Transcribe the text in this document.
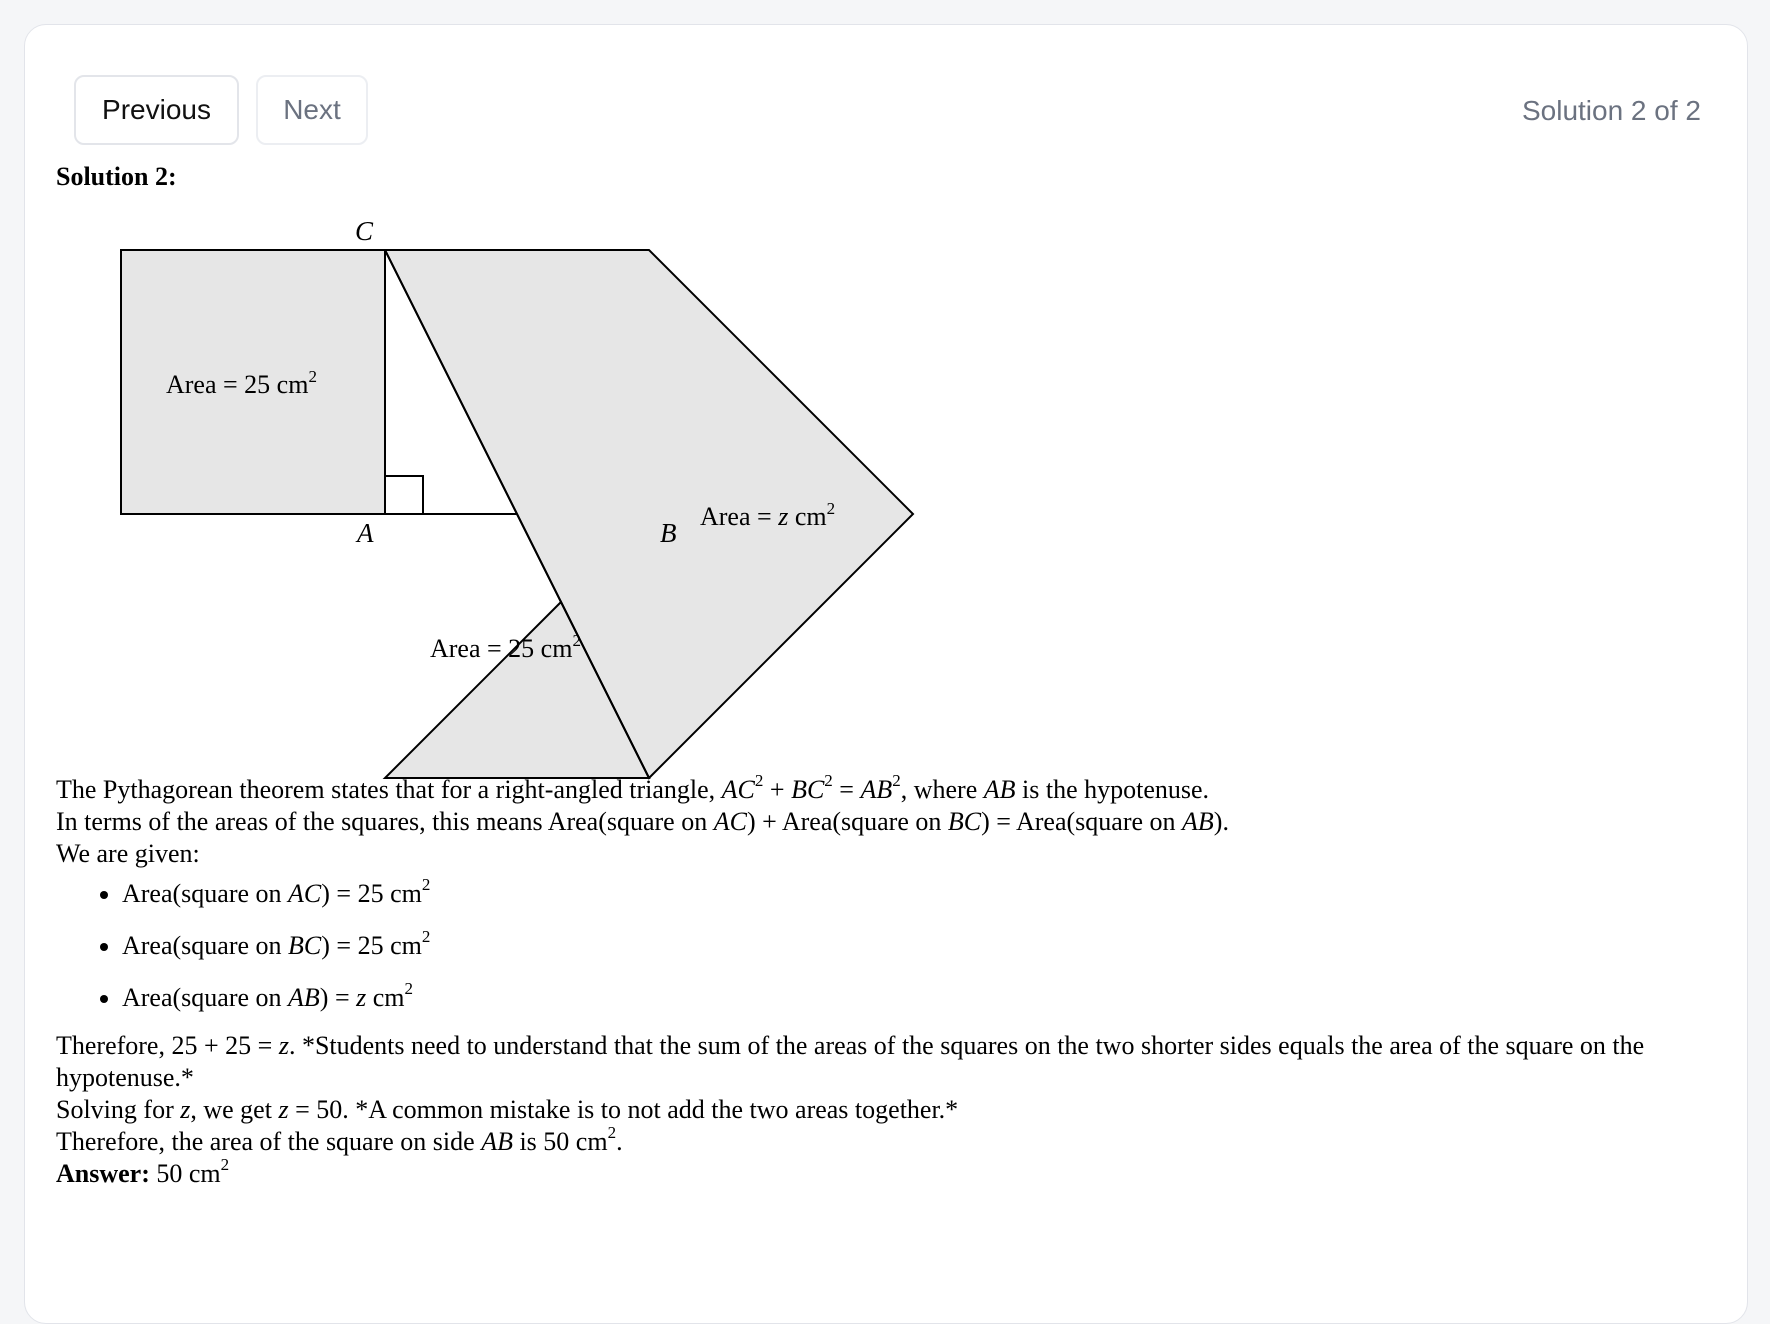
Previous	Next	Solution 2 of 2
Solution 2:
C
A	B
Area = 25 $cm^2$
Area = z $cm^2$
Area = 25 $cm^2$
The Pythagorean theorem states that for a right-angled triangle, $AC^2 + BC^2 = AB^2$, where AB is the hypotenuse.
In terms of the areas of the squares, this means Area(square on AC) + Area(square on BC) = Area(square on AB).
We are given:
• Area(square on AC) = 25 $cm^2$
• Area(square on BC) = 25 $cm^2$
• Area(square on AB) = z $cm^2$
Therefore, 25 + 25 = z. *Students need to understand that the sum of the areas of the squares on the two shorter sides equals the area of the square on the hypotenuse.*
Solving for z, we get z = 50. *A common mistake is to not add the two areas together.*
Therefore, the area of the square on side AB is 50 $cm^2$.
Answer: 50 $cm^2$
